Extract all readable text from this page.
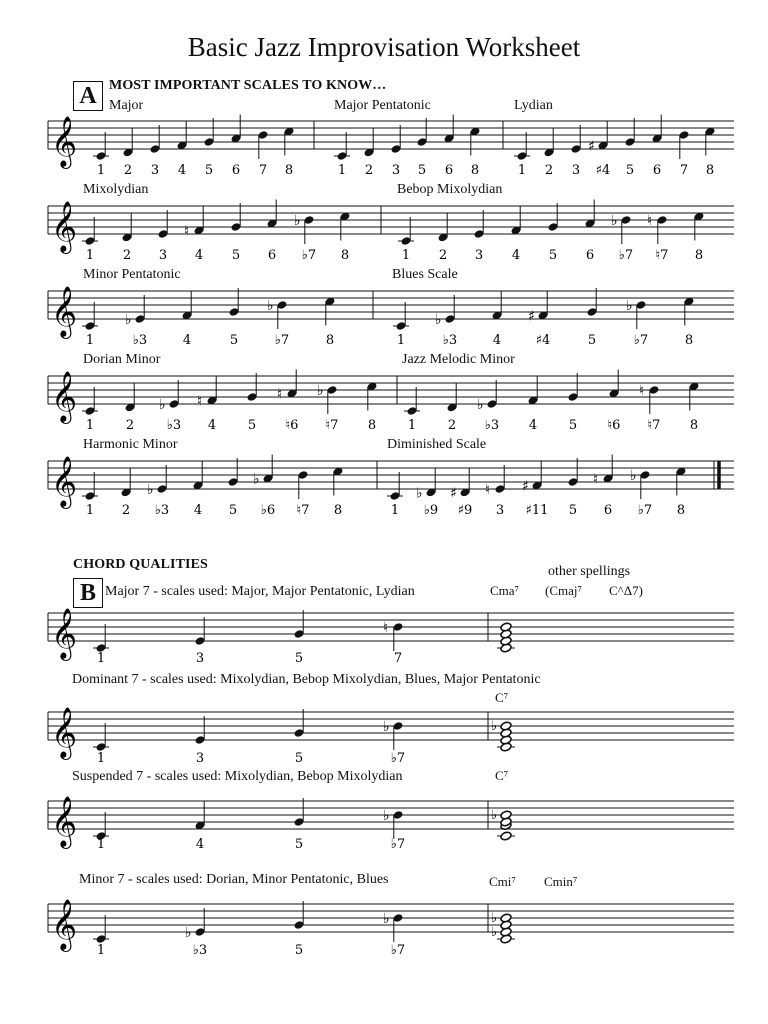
Basic Jazz Improvisation Worksheet
A MOST IMPORTANT SCALES TO KNOW…
Major	Major Pentatonic	Lydian
Mixolydian	Bebop Mixolydian
Minor Pentatonic	Blues Scale
Dorian Minor	Jazz Melodic Minor
Harmonic Minor	Diminished Scale
CHORD QUALITIES
B
other spellings
Major 7 - scales used: Major, Major Pentatonic, Lydian	Cma⁷ (Cmaj⁷ C^Δ7)
Dominant 7 - scales used: Mixolydian, Bebop Mixolydian, Blues, Major Pentatonic
C⁷
Suspended 7 - scales used: Mixolydian, Bebop Mixolydian	C⁷
Minor 7 - scales used: Dorian, Minor Pentatonic, Blues	Cmi⁷ Cmin⁷
𝄞
1 2 3 4 5 6 7 8	1 2 3 5 6 8
♯
1 2 3 ♯4 5 6 7 8
𝄞	♮
♭
1 2 3 4 5 6 ♭7 8
♭ ♮
1 2 3 4 5 6 ♭7 ♮7 8
𝄞	♭
♭
1	♭3	4	5	♭7	8
♭	♯
♭
1	♭3	4	♯4	5	♭7	8
𝄞	♭ ♮	♮ ♭
1 2	♭3 4 5 ♮6 ♮7 8
♭
♮
1 2 ♭3 4 5 ♮6 ♮7 8
𝄞	♭
♭
1 2 ♭3 4 5 ♭6 ♮7 8
♭ ♯ ♮ ♯	♮ ♭
1 ♭9 ♯9 3 ♯11 5 6 ♭7 8
𝄞	♮
1	3	5	7
𝄞	♭
1	3	5	♭7
♭
𝄞	♭
1	4	5	♭7
♭
𝄞	♭
♭
1	♭3	5	♭7
♭
♭
